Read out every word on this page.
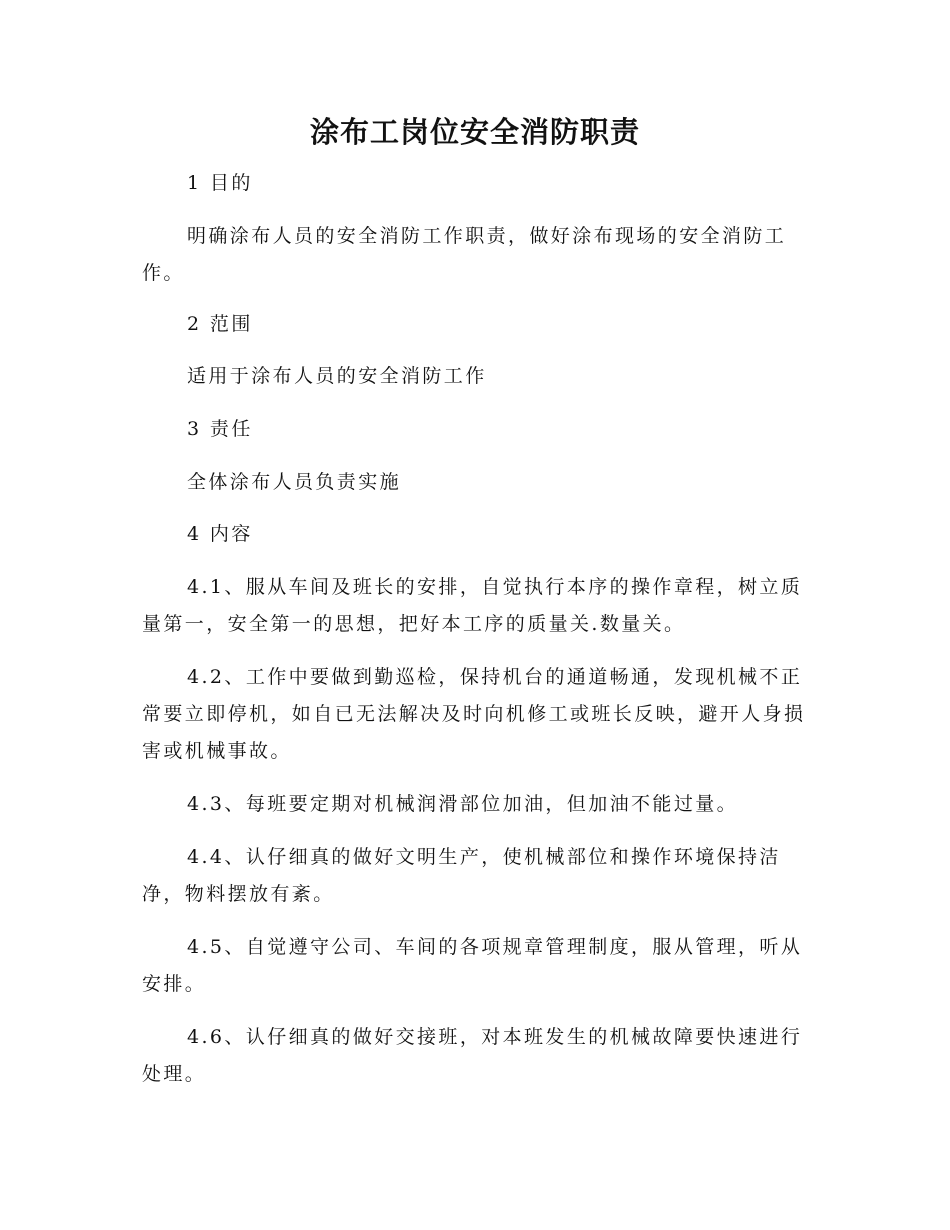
涂布工岗位安全消防职责

1 目的

明确涂布人员的安全消防工作职责，做好涂布现场的安全消防工作。

2 范围

适用于涂布人员的安全消防工作

3 责任

全体涂布人员负责实施

4 内容

4.1、服从车间及班长的安排，自觉执行本序的操作章程，树立质量第一，安全第一的思想，把好本工序的质量关.数量关。

4.2、工作中要做到勤巡检，保持机台的通道畅通，发现机械不正常要立即停机，如自已无法解决及时向机修工或班长反映，避开人身损害或机械事故。

4.3、每班要定期对机械润滑部位加油，但加油不能过量。

4.4、认仔细真的做好文明生产，使机械部位和操作环境保持洁净，物料摆放有紊。

4.5、自觉遵守公司、车间的各项规章管理制度，服从管理，听从安排。

4.6、认仔细真的做好交接班，对本班发生的机械故障要快速进行处理。
